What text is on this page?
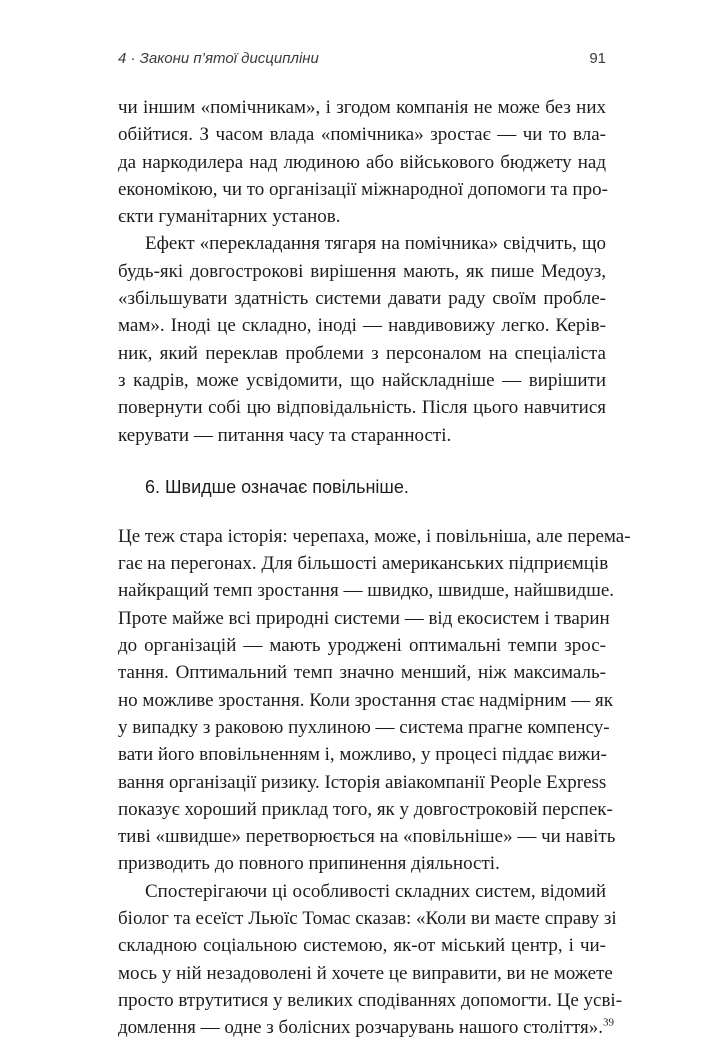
4 · Закони п’ятої дисципліни	91
чи іншим «помічникам», і згодом компанія не може без них
обійтися. З часом влада «помічника» зростає — чи то вла-
да наркодилера над людиною або військового бюджету над
економікою, чи то організації міжнародної допомоги та про-
єкти гуманітарних установ.
Ефект «перекладання тягаря на помічника» свідчить, що
будь-які довгострокові вирішення мають, як пише Медоуз,
«збільшувати здатність системи давати раду своїм пробле-
мам». Іноді це складно, іноді — навдивовижу легко. Керів-
ник, який переклав проблеми з персоналом на спеціаліста
з кадрів, може усвідомити, що найскладніше — вирішити
повернути собі цю відповідальність. Після цього навчитися
керувати — питання часу та старанності.
6. Швидше означає повільніше.
Це теж стара історія: черепаха, може, і повільніша, але перема-
гає на перегонах. Для більшості американських підприємців
найкращий темп зростання — швидко, швидше, найшвидше.
Проте майже всі природні системи — від екосистем і тварин
до організацій — мають уроджені оптимальні темпи зрос-
тання. Оптимальний темп значно менший, ніж максималь-
но можливе зростання. Коли зростання стає надмірним — як
у випадку з раковою пухлиною — система прагне компенсу-
вати його вповільненням і, можливо, у процесі піддає вижи-
вання організації ризику. Історія авіакомпанії People Express
показує хороший приклад того, як у довгостроковій перспек-
тиві «швидше» перетворюється на «повільніше» — чи навіть
призводить до повного припинення діяльності.
Спостерігаючи ці особливості складних систем, відомий
біолог та есеїст Льюїс Томас сказав: «Коли ви маєте справу зі
складною соціальною системою, як-от міський центр, і чи-
мось у ній незадоволені й хочете це виправити, ви не можете
просто втрутитися у великих сподіваннях допомогти. Це усві-
домлення — одне з болісних розчарувань нашого століття».$^{39}$
